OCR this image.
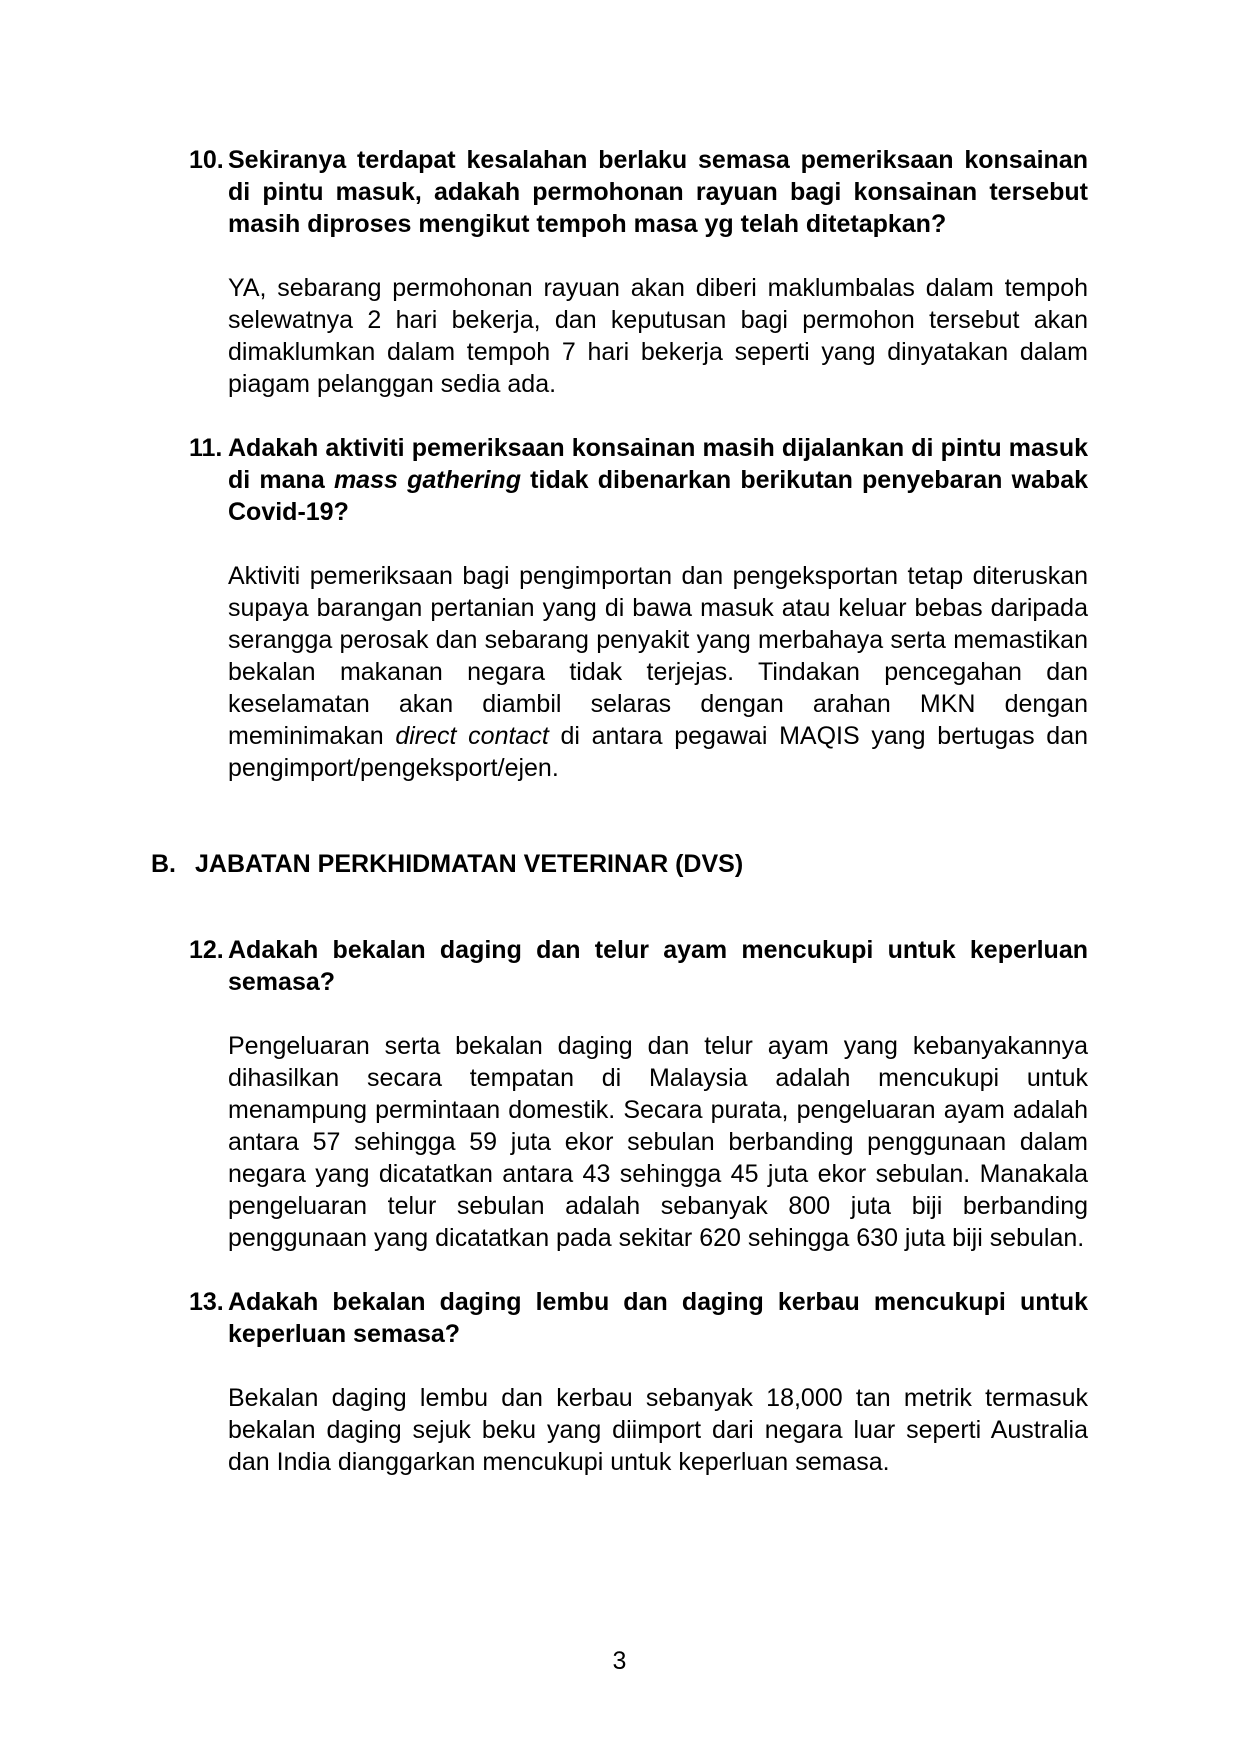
10. Sekiranya terdapat kesalahan berlaku semasa pemeriksaan konsainan di pintu masuk, adakah permohonan rayuan bagi konsainan tersebut masih diproses mengikut tempoh masa yg telah ditetapkan?

YA, sebarang permohonan rayuan akan diberi maklumbalas dalam tempoh selewatnya 2 hari bekerja, dan keputusan bagi permohon tersebut akan dimaklumkan dalam tempoh 7 hari bekerja seperti yang dinyatakan dalam piagam pelanggan sedia ada.

11. Adakah aktiviti pemeriksaan konsainan masih dijalankan di pintu masuk di mana mass gathering tidak dibenarkan berikutan penyebaran wabak Covid-19?

Aktiviti pemeriksaan bagi pengimportan dan pengeksportan tetap diteruskan supaya barangan pertanian yang di bawa masuk atau keluar bebas daripada serangga perosak dan sebarang penyakit yang merbahaya serta memastikan bekalan makanan negara tidak terjejas. Tindakan pencegahan dan keselamatan akan diambil selaras dengan arahan MKN dengan meminimakan direct contact di antara pegawai MAQIS yang bertugas dan pengimport/pengeksport/ejen.

B. JABATAN PERKHIDMATAN VETERINAR (DVS)
12. Adakah bekalan daging dan telur ayam mencukupi untuk keperluan semasa?

Pengeluaran serta bekalan daging dan telur ayam yang kebanyakannya dihasilkan secara tempatan di Malaysia adalah mencukupi untuk menampung permintaan domestik. Secara purata, pengeluaran ayam adalah antara 57 sehingga 59 juta ekor sebulan berbanding penggunaan dalam negara yang dicatatkan antara 43 sehingga 45 juta ekor sebulan. Manakala pengeluaran telur sebulan adalah sebanyak 800 juta biji berbanding penggunaan yang dicatatkan pada sekitar 620 sehingga 630 juta biji sebulan.

13. Adakah bekalan daging lembu dan daging kerbau mencukupi untuk keperluan semasa?

Bekalan daging lembu dan kerbau sebanyak 18,000 tan metrik termasuk bekalan daging sejuk beku yang diimport dari negara luar seperti Australia dan India dianggarkan mencukupi untuk keperluan semasa.

3
